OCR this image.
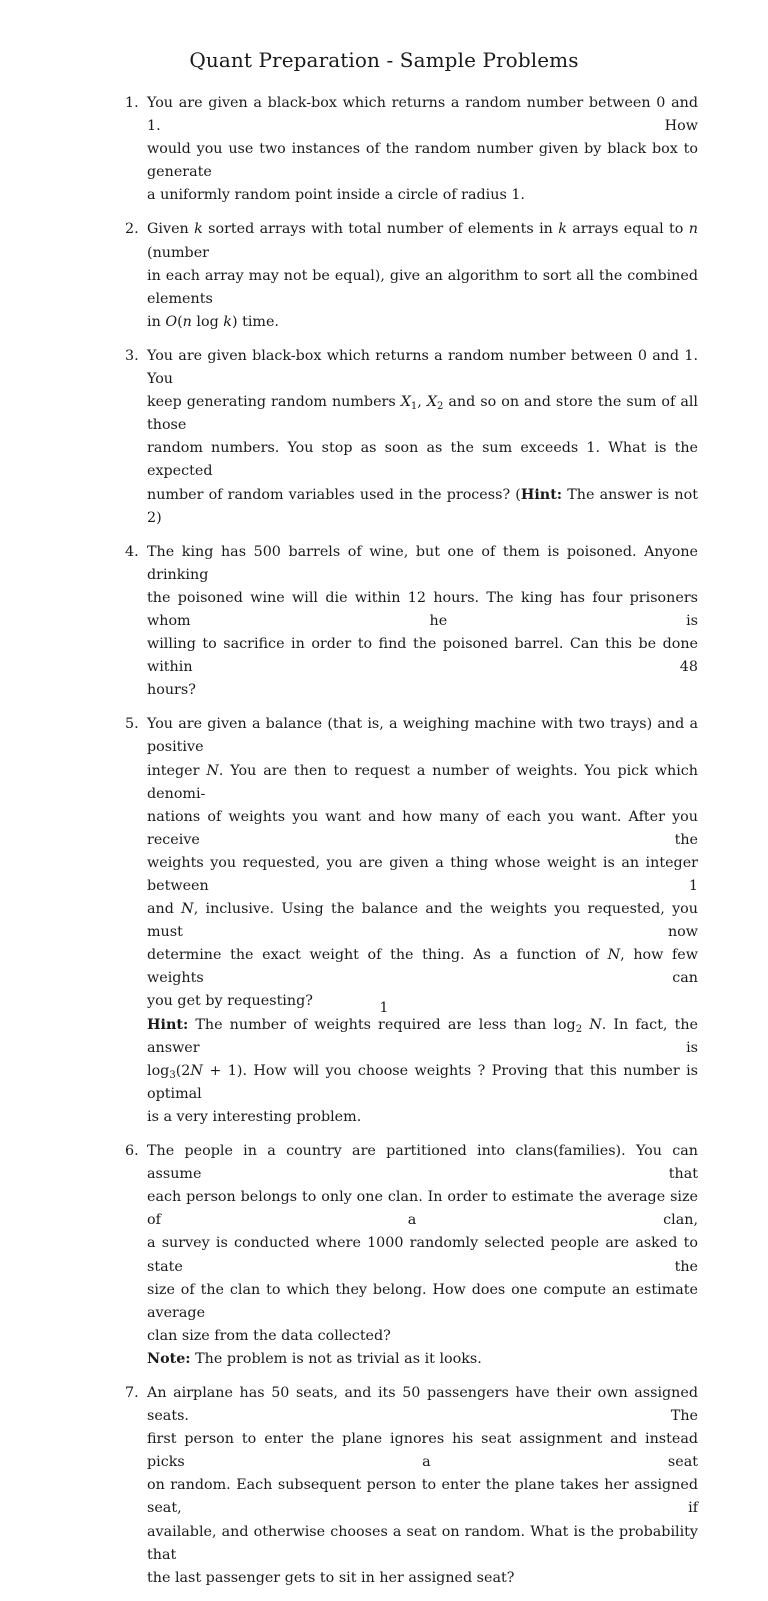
Quant Preparation - Sample Problems
1. You are given a black-box which returns a random number between 0 and 1. How
would you use two instances of the random number given by black box to generate
a uniformly random point inside a circle of radius 1.
2. Given k sorted arrays with total number of elements in k arrays equal to n (number
in each array may not be equal), give an algorithm to sort all the combined elements
in O(n log k) time.
3. You are given black-box which returns a random number between 0 and 1. You
keep generating random numbers $X_1$, $X_2$ and so on and store the sum of all those
random numbers. You stop as soon as the sum exceeds 1. What is the expected
number of random variables used in the process? (Hint: The answer is not 2)
4. The king has 500 barrels of wine, but one of them is poisoned. Anyone drinking
the poisoned wine will die within 12 hours. The king has four prisoners whom he is
willing to sacrifice in order to find the poisoned barrel. Can this be done within 48
hours?
5. You are given a balance (that is, a weighing machine with two trays) and a positive
integer N. You are then to request a number of weights. You pick which denomi-
nations of weights you want and how many of each you want. After you receive the
weights you requested, you are given a thing whose weight is an integer between 1
and N, inclusive. Using the balance and the weights you requested, you must now
determine the exact weight of the thing. As a function of N, how few weights can
you get by requesting?
Hint: The number of weights required are less than $\log_2 N$. In fact, the answer is
$\log_3(2N + 1)$. How will you choose weights ? Proving that this number is optimal
is a very interesting problem.
6. The people in a country are partitioned into clans(families). You can assume that
each person belongs to only one clan. In order to estimate the average size of a clan,
a survey is conducted where 1000 randomly selected people are asked to state the
size of the clan to which they belong. How does one compute an estimate average
clan size from the data collected?
Note: The problem is not as trivial as it looks.
7. An airplane has 50 seats, and its 50 passengers have their own assigned seats. The
first person to enter the plane ignores his seat assignment and instead picks a seat
on random. Each subsequent person to enter the plane takes her assigned seat, if
available, and otherwise chooses a seat on random. What is the probability that
the last passenger gets to sit in her assigned seat?
1
